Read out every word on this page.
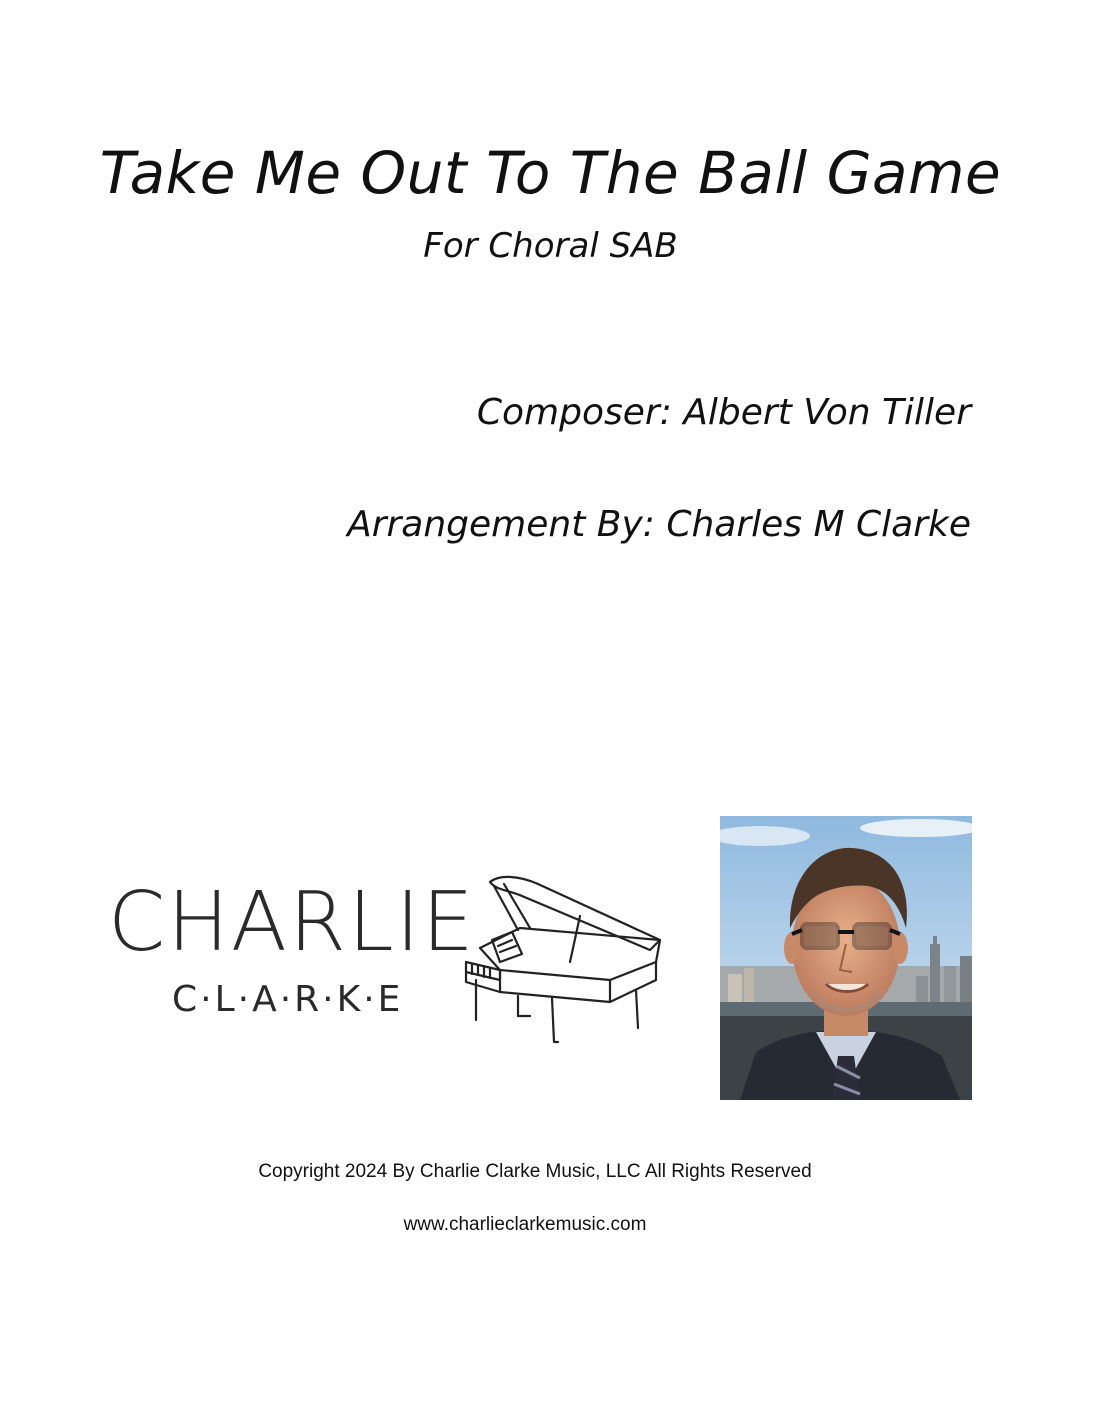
Take Me Out To The Ball Game
For Choral SAB
Composer: Albert Von Tiller
Arrangement By: Charles M Clarke
CHARLIE
C·L·A·R·K·E
Copyright 2024 By Charlie Clarke Music, LLC All Rights Reserved
www.charlieclarkemusic.com
